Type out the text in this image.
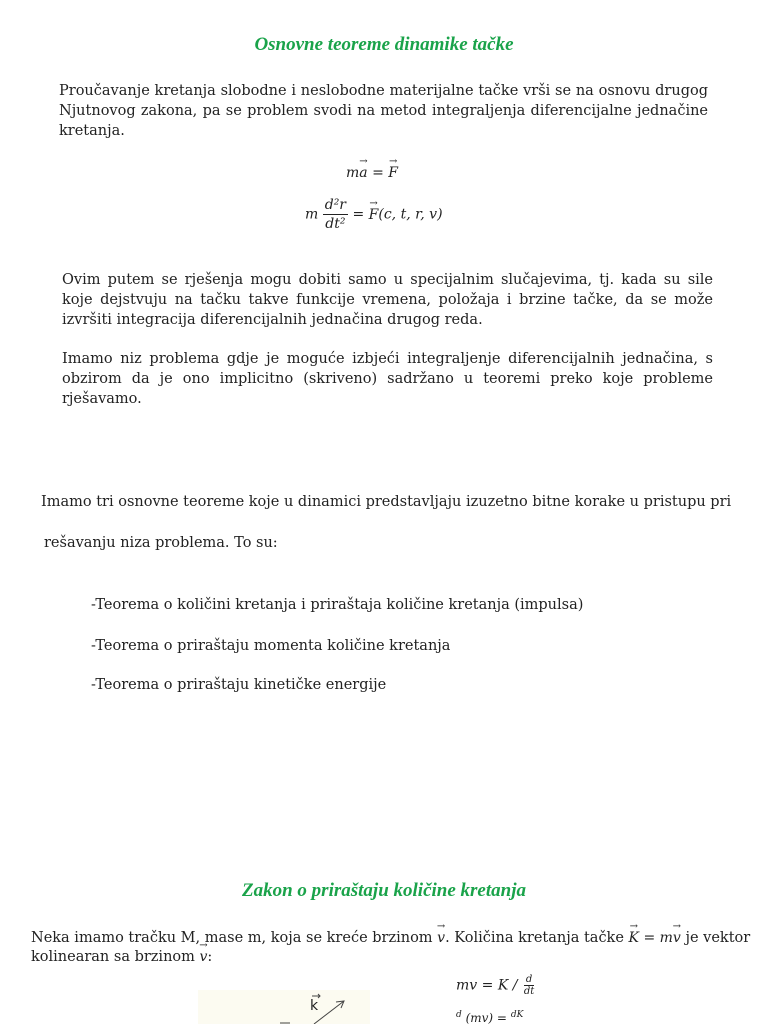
Osnovne teoreme dinamike tačke
Proučavanje kretanja slobodne i neslobodne materijalne tačke vrši se na osnovu drugog Njutnovog zakona, pa se problem svodi na metod integraljenja diferencijalne jednačine kretanja.
m→ a = → F
m $\frac{\text{d²r}}{\text{dt²}}$ = → F(c, t, r, v)
Ovim putem se rješenja mogu dobiti samo u specijalnim slučajevima, tj. kada su sile koje dejstvuju na tačku takve funkcije vremena, položaja i brzine tačke, da se može izvršiti integracija diferencijalnih jednačina drugog reda.
Imamo niz problema gdje je moguće izbjeći integraljenje diferencijalnih jednačina, s obzirom da je ono implicitno (skriveno) sadržano u teoremi preko koje probleme rješavamo.
Imamo tri osnovne teoreme koje u dinamici predstavljaju izuzetno bitne korake u pristupu pri
rešavanju niza problema. To su:
-Teorema o količini kretanja i priraštaja količine kretanja (impulsa)
-Teorema o priraštaju momenta količine kretanja
-Teorema o priraštaju kinetičke energije
Zakon o priraštaju količine kretanja
Neka imamo tračku M, mase m, koja se kreće brzinom → v. Količina kretanja tačke → K = m→ v je vektor
kolinearan sa brzinom → v:
k
mv = K / $\frac{d}{dt}$
$^d$ (mv) = $^{dK}$
